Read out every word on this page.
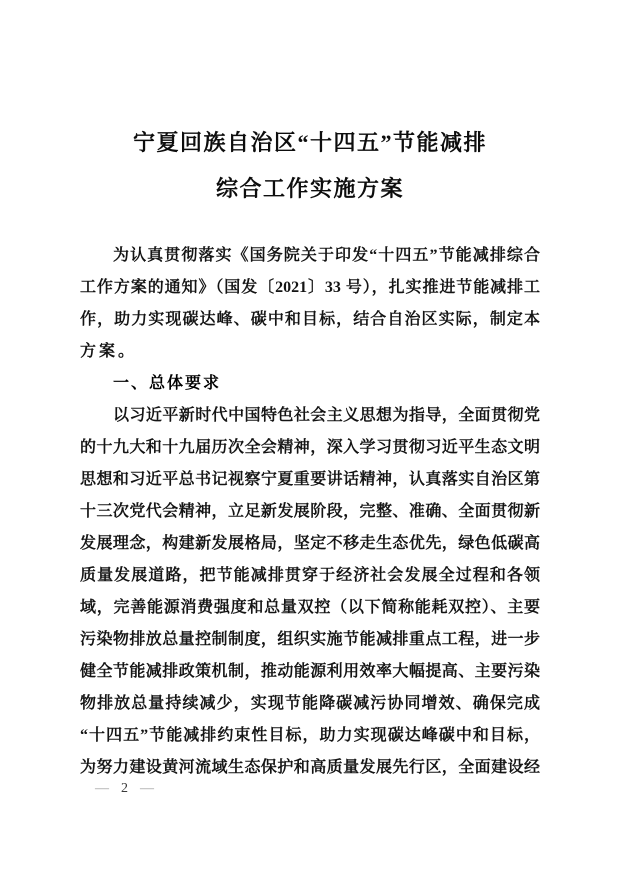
宁夏回族自治区“十四五”节能减排
综合工作实施方案
为认真贯彻落实《国务院关于印发“十四五”节能减排综合
工作方案的通知》（国发〔2021〕33 号），扎实推进节能减排工
作，助力实现碳达峰、碳中和目标，结合自治区实际，制定本
方案。
一、总体要求
以习近平新时代中国特色社会主义思想为指导，全面贯彻党
的十九大和十九届历次全会精神，深入学习贯彻习近平生态文明
思想和习近平总书记视察宁夏重要讲话精神，认真落实自治区第
十三次党代会精神，立足新发展阶段，完整、准确、全面贯彻新
发展理念，构建新发展格局，坚定不移走生态优先，绿色低碳高
质量发展道路，把节能减排贯穿于经济社会发展全过程和各领
域，完善能源消费强度和总量双控（以下简称能耗双控）、主要
污染物排放总量控制制度，组织实施节能减排重点工程，进一步
健全节能减排政策机制，推动能源利用效率大幅提高、主要污染
物排放总量持续减少，实现节能降碳减污协同增效、确保完成
“十四五”节能减排约束性目标，助力实现碳达峰碳中和目标，
为努力建设黄河流域生态保护和高质量发展先行区，全面建设经
— 2 —
